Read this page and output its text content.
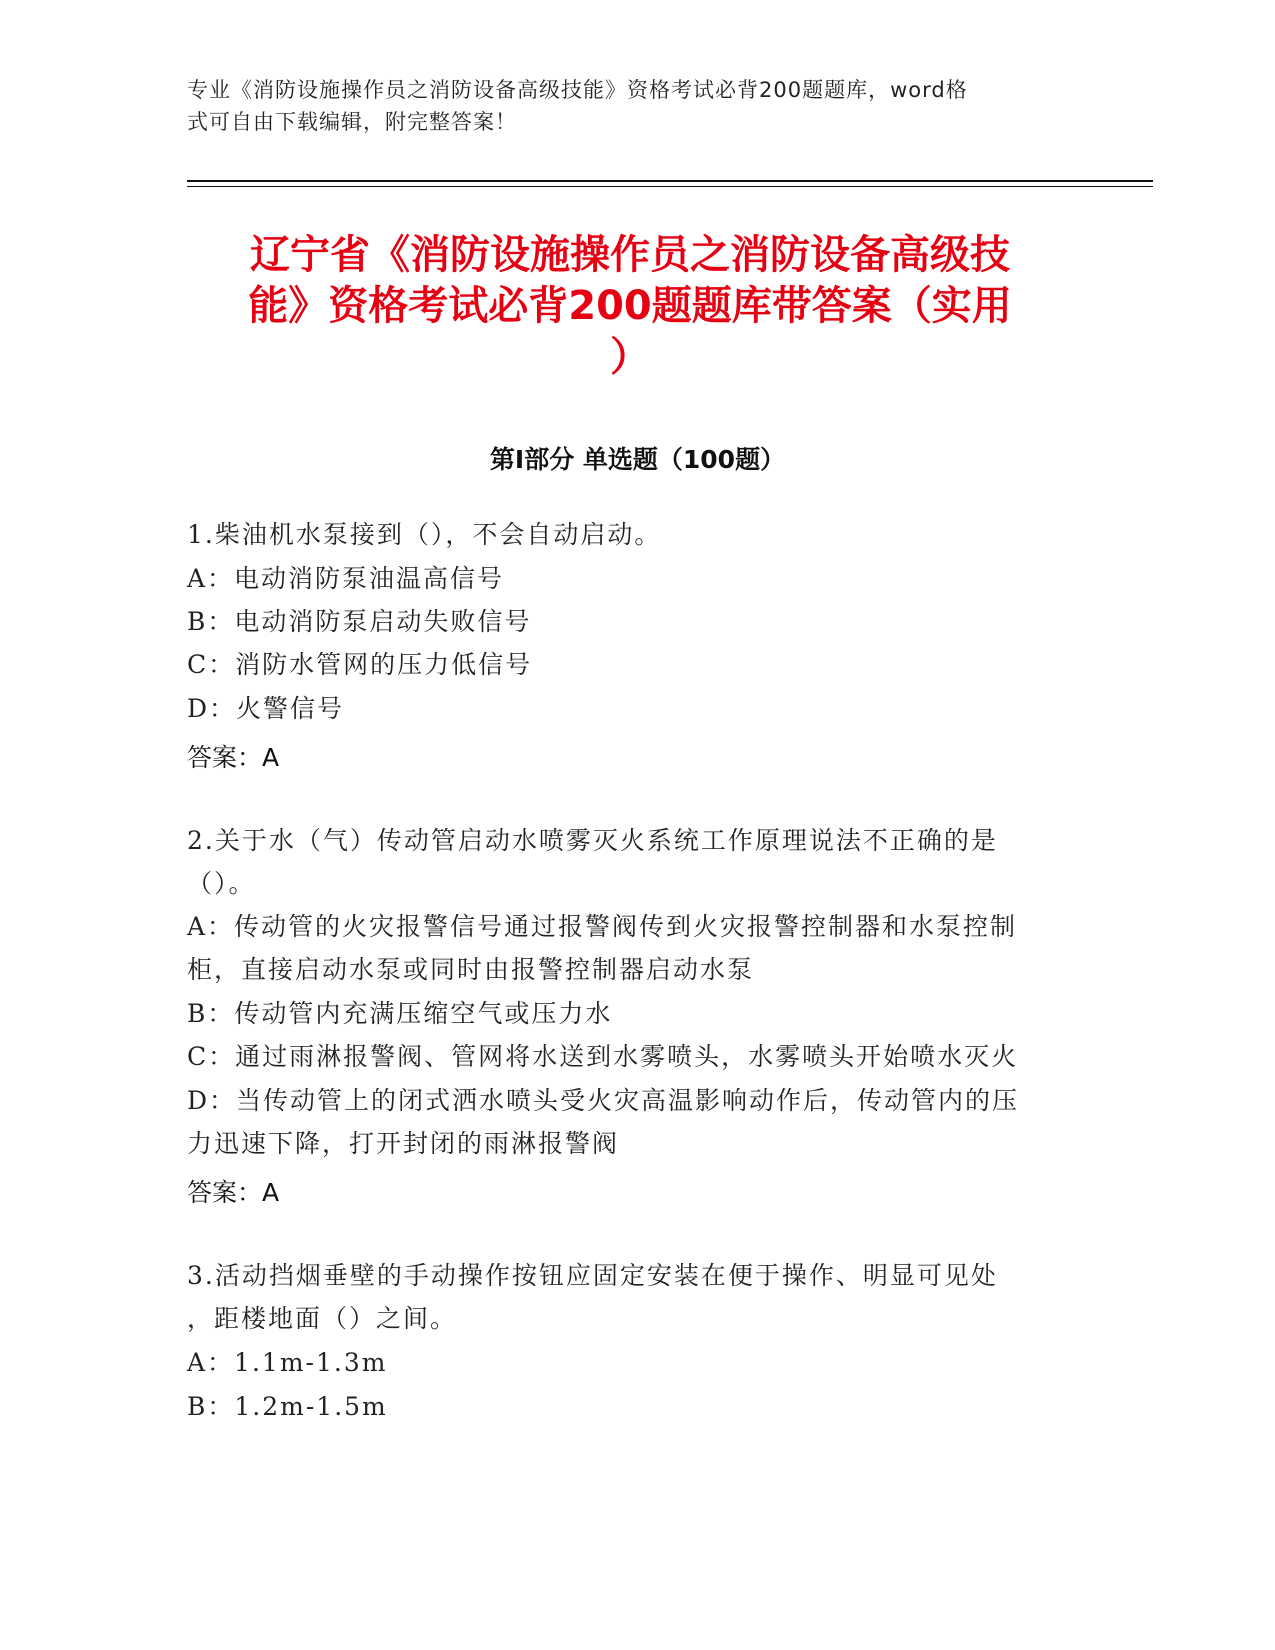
专业《消防设施操作员之消防设备高级技能》资格考试必背200题题库，word格
式可自由下载编辑，附完整答案！
辽宁省《消防设施操作员之消防设备高级技
能》资格考试必背200题题库带答案（实用
）
第I部分 单选题（100题）
1.柴油机水泵接到（），不会自动启动。
A：电动消防泵油温高信号
B：电动消防泵启动失败信号
C：消防水管网的压力低信号
D：火警信号
答案：A
2.关于水（气）传动管启动水喷雾灭火系统工作原理说法不正确的是
（）。
A：传动管的火灾报警信号通过报警阀传到火灾报警控制器和水泵控制
柜，直接启动水泵或同时由报警控制器启动水泵
B：传动管内充满压缩空气或压力水
C：通过雨淋报警阀、管网将水送到水雾喷头，水雾喷头开始喷水灭火
D：当传动管上的闭式洒水喷头受火灾高温影响动作后，传动管内的压
力迅速下降，打开封闭的雨淋报警阀
答案：A
3.活动挡烟垂壁的手动操作按钮应固定安装在便于操作、明显可见处
，距楼地面（）之间。
A：1.1m-1.3m
B：1.2m-1.5m
